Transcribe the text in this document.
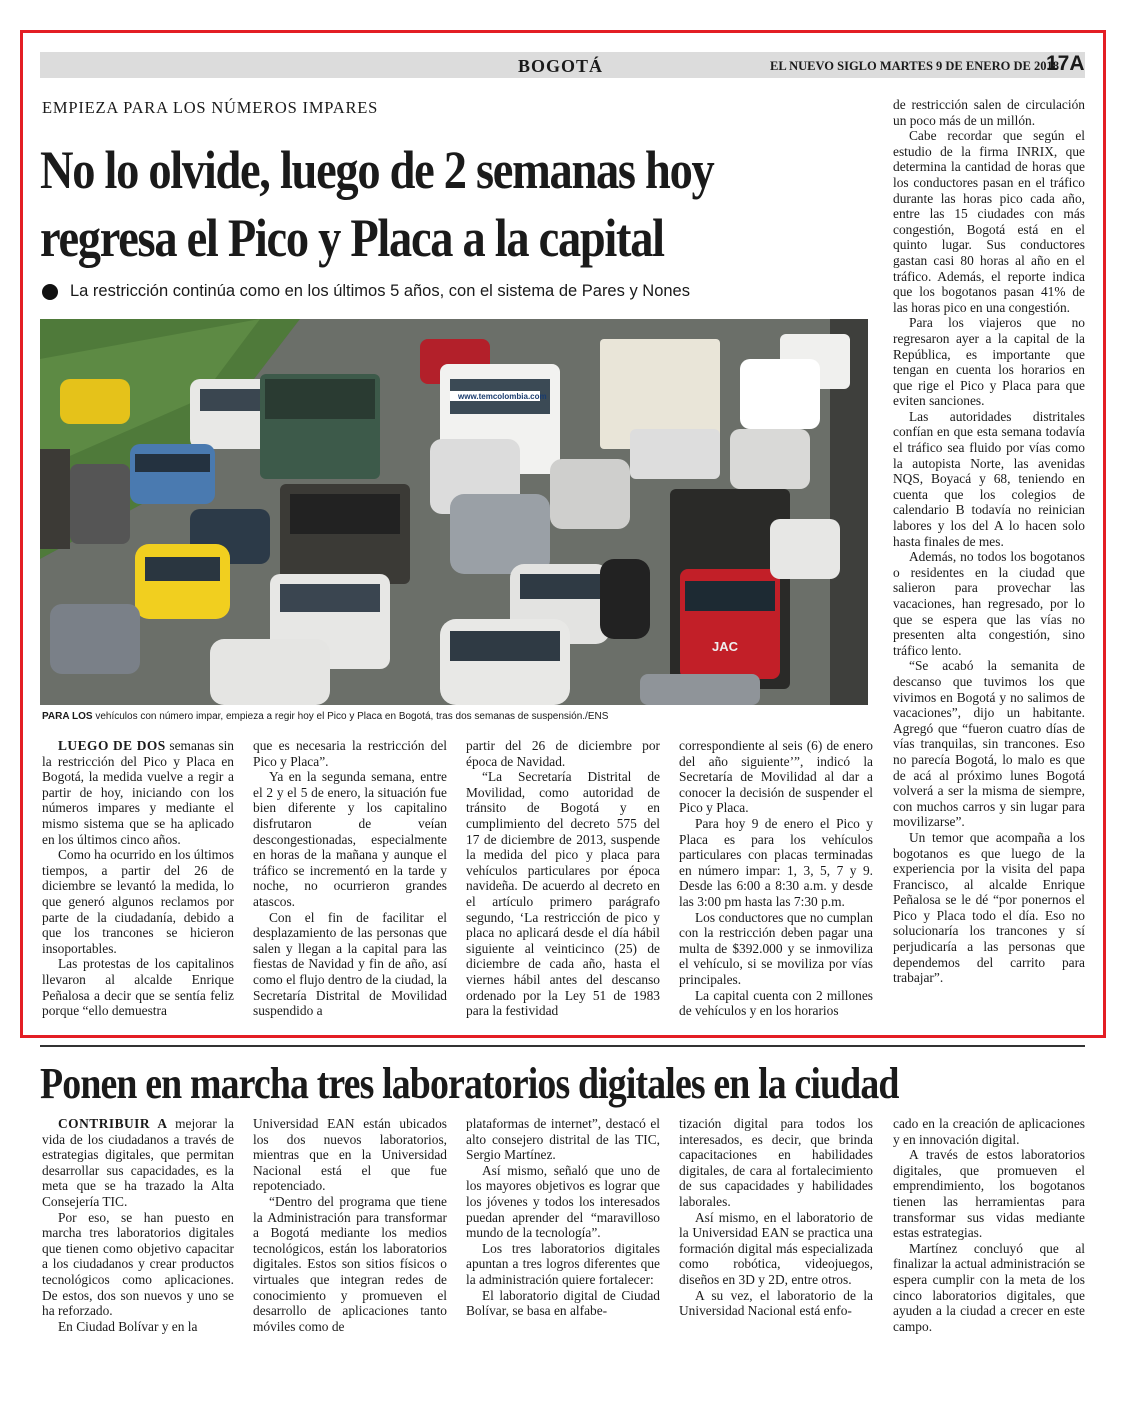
BOGOTÁ	EL NUEVO SIGLO MARTES 9 DE ENERO DE 2018
17A
EMPIEZA PARA LOS NÚMEROS IMPARES
No lo olvide, luego de 2 semanas hoy
regresa el Pico y Placa a la capital
La restricción continúa como en los últimos 5 años, con el sistema de Pares y Nones
www.temcolombia.com
JAC
PARA LOS vehículos con número impar, empieza a regir hoy el Pico y Placa en Bogotá, tras dos semanas de suspensión./ENS

LUEGO DE DOS semanas sin la restricción del Pico y Placa en Bogotá, la medida vuelve a regir a partir de hoy, iniciando con los números impares y mediante el mismo sistema que se ha aplicado en los últimos cinco años.

Como ha ocurrido en los últimos tiempos, a partir del 26 de diciembre se levantó la medida, lo que generó algunos reclamos por parte de la ciudadanía, debido a que los trancones se hicieron insoportables.

Las protestas de los capitalinos llevaron al alcalde Enrique Peñalosa a decir que se sentía feliz porque “ello demuestra

que es necesaria la restricción del Pico y Placa”.

Ya en la segunda semana, entre el 2 y el 5 de enero, la situación fue bien diferente y los capitalino disfrutaron de veían descongestionadas, especialmente en horas de la mañana y aunque el tráfico se incrementó en la tarde y noche, no ocurrieron grandes atascos.

Con el fin de facilitar el desplazamiento de las personas que salen y llegan a la capital para las fiestas de Navidad y fin de año, así como el flujo dentro de la ciudad, la Secretaría Distrital de Movilidad suspendido a

partir del 26 de diciembre por época de Navidad.

“La Secretaría Distrital de Movilidad, como autoridad de tránsito de Bogotá y en cumplimiento del decreto 575 del 17 de diciembre de 2013, suspende la medida del pico y placa para vehículos particulares por época navideña. De acuerdo al decreto en el artículo primero parágrafo segundo, ‘La restricción de pico y placa no aplicará desde el día hábil siguiente al veinticinco (25) de diciembre de cada año, hasta el viernes hábil antes del descanso ordenado por la Ley 51 de 1983 para la festividad

correspondiente al seis (6) de enero del año siguiente’”, indicó la Secretaría de Movilidad al dar a conocer la decisión de suspender el Pico y Placa.

Para hoy 9 de enero el Pico y Placa es para los vehículos particulares con placas terminadas en número impar: 1, 3, 5, 7 y 9. Desde las 6:00 a 8:30 a.m. y desde las 3:00 pm hasta las 7:30 p.m.

Los conductores que no cumplan con la restricción deben pagar una multa de $392.000 y se inmoviliza el vehículo, si se moviliza por vías principales.

La capital cuenta con 2 millones de vehículos y en los horarios

de restricción salen de circulación un poco más de un millón.

Cabe recordar que según el estudio de la firma INRIX, que determina la cantidad de horas que los conductores pasan en el tráfico durante las horas pico cada año, entre las 15 ciudades con más congestión, Bogotá está en el quinto lugar. Sus conductores gastan casi 80 horas al año en el tráfico. Además, el reporte indica que los bogotanos pasan 41% de las horas pico en una congestión.

Para los viajeros que no regresaron ayer a la capital de la República, es importante que tengan en cuenta los horarios en que rige el Pico y Placa para que eviten sanciones.

Las autoridades distritales confían en que esta semana todavía el tráfico sea fluido por vías como la autopista Norte, las avenidas NQS, Boyacá y 68, teniendo en cuenta que los colegios de calendario B todavía no reinician labores y los del A lo hacen solo hasta finales de mes.

Además, no todos los bogotanos o residentes en la ciudad que salieron para provechar las vacaciones, han regresado, por lo que se espera que las vías no presenten alta congestión, sino tráfico lento.

“Se acabó la semanita de descanso que tuvimos los que vivimos en Bogotá y no salimos de vacaciones”, dijo un habitante. Agregó que “fueron cuatro días de vías tranquilas, sin trancones. Eso no parecía Bogotá, lo malo es que de acá al próximo lunes Bogotá volverá a ser la misma de siempre, con muchos carros y sin lugar para movilizarse”.

Un temor que acompaña a los bogotanos es que luego de la experiencia por la visita del papa Francisco, al alcalde Enrique Peñalosa se le dé “por ponernos el Pico y Placa todo el día. Eso no solucionaría los trancones y sí perjudicaría a las personas que dependemos del carrito para trabajar”.

Ponen en marcha tres laboratorios digitales en la ciudad

CONTRIBUIR A mejorar la vida de los ciudadanos a través de estrategias digitales, que permitan desarrollar sus capacidades, es la meta que se ha trazado la Alta Consejería TIC.

Por eso, se han puesto en marcha tres laboratorios digitales que tienen como objetivo capacitar a los ciudadanos y crear productos tecnológicos como aplicaciones. De estos, dos son nuevos y uno se ha reforzado.

En Ciudad Bolívar y en la

Universidad EAN están ubicados los dos nuevos laboratorios, mientras que en la Universidad Nacional está el que fue repotenciado.

“Dentro del programa que tiene la Administración para transformar a Bogotá mediante los medios tecnológicos, están los laboratorios digitales. Estos son sitios físicos o virtuales que integran redes de conocimiento y promueven el desarrollo de aplicaciones tanto móviles como de

plataformas de internet”, destacó el alto consejero distrital de las TIC, Sergio Martínez.

Así mismo, señaló que uno de los mayores objetivos es lograr que los jóvenes y todos los interesados puedan aprender del “maravilloso mundo de la tecnología”.

Los tres laboratorios digitales apuntan a tres logros diferentes que la administración quiere fortalecer:

El laboratorio digital de Ciudad Bolívar, se basa en alfabe-

tización digital para todos los interesados, es decir, que brinda capacitaciones en habilidades digitales, de cara al fortalecimiento de sus capacidades y habilidades laborales.

Así mismo, en el laboratorio de la Universidad EAN se practica una formación digital más especializada como robótica, videojuegos, diseños en 3D y 2D, entre otros.

A su vez, el laboratorio de la Universidad Nacional está enfo-

cado en la creación de aplicaciones y en innovación digital.

A través de estos laboratorios digitales, que promueven el emprendimiento, los bogotanos tienen las herramientas para transformar sus vidas mediante estas estrategias.

Martínez concluyó que al finalizar la actual administración se espera cumplir con la meta de los cinco laboratorios digitales, que ayuden a la ciudad a crecer en este campo.
